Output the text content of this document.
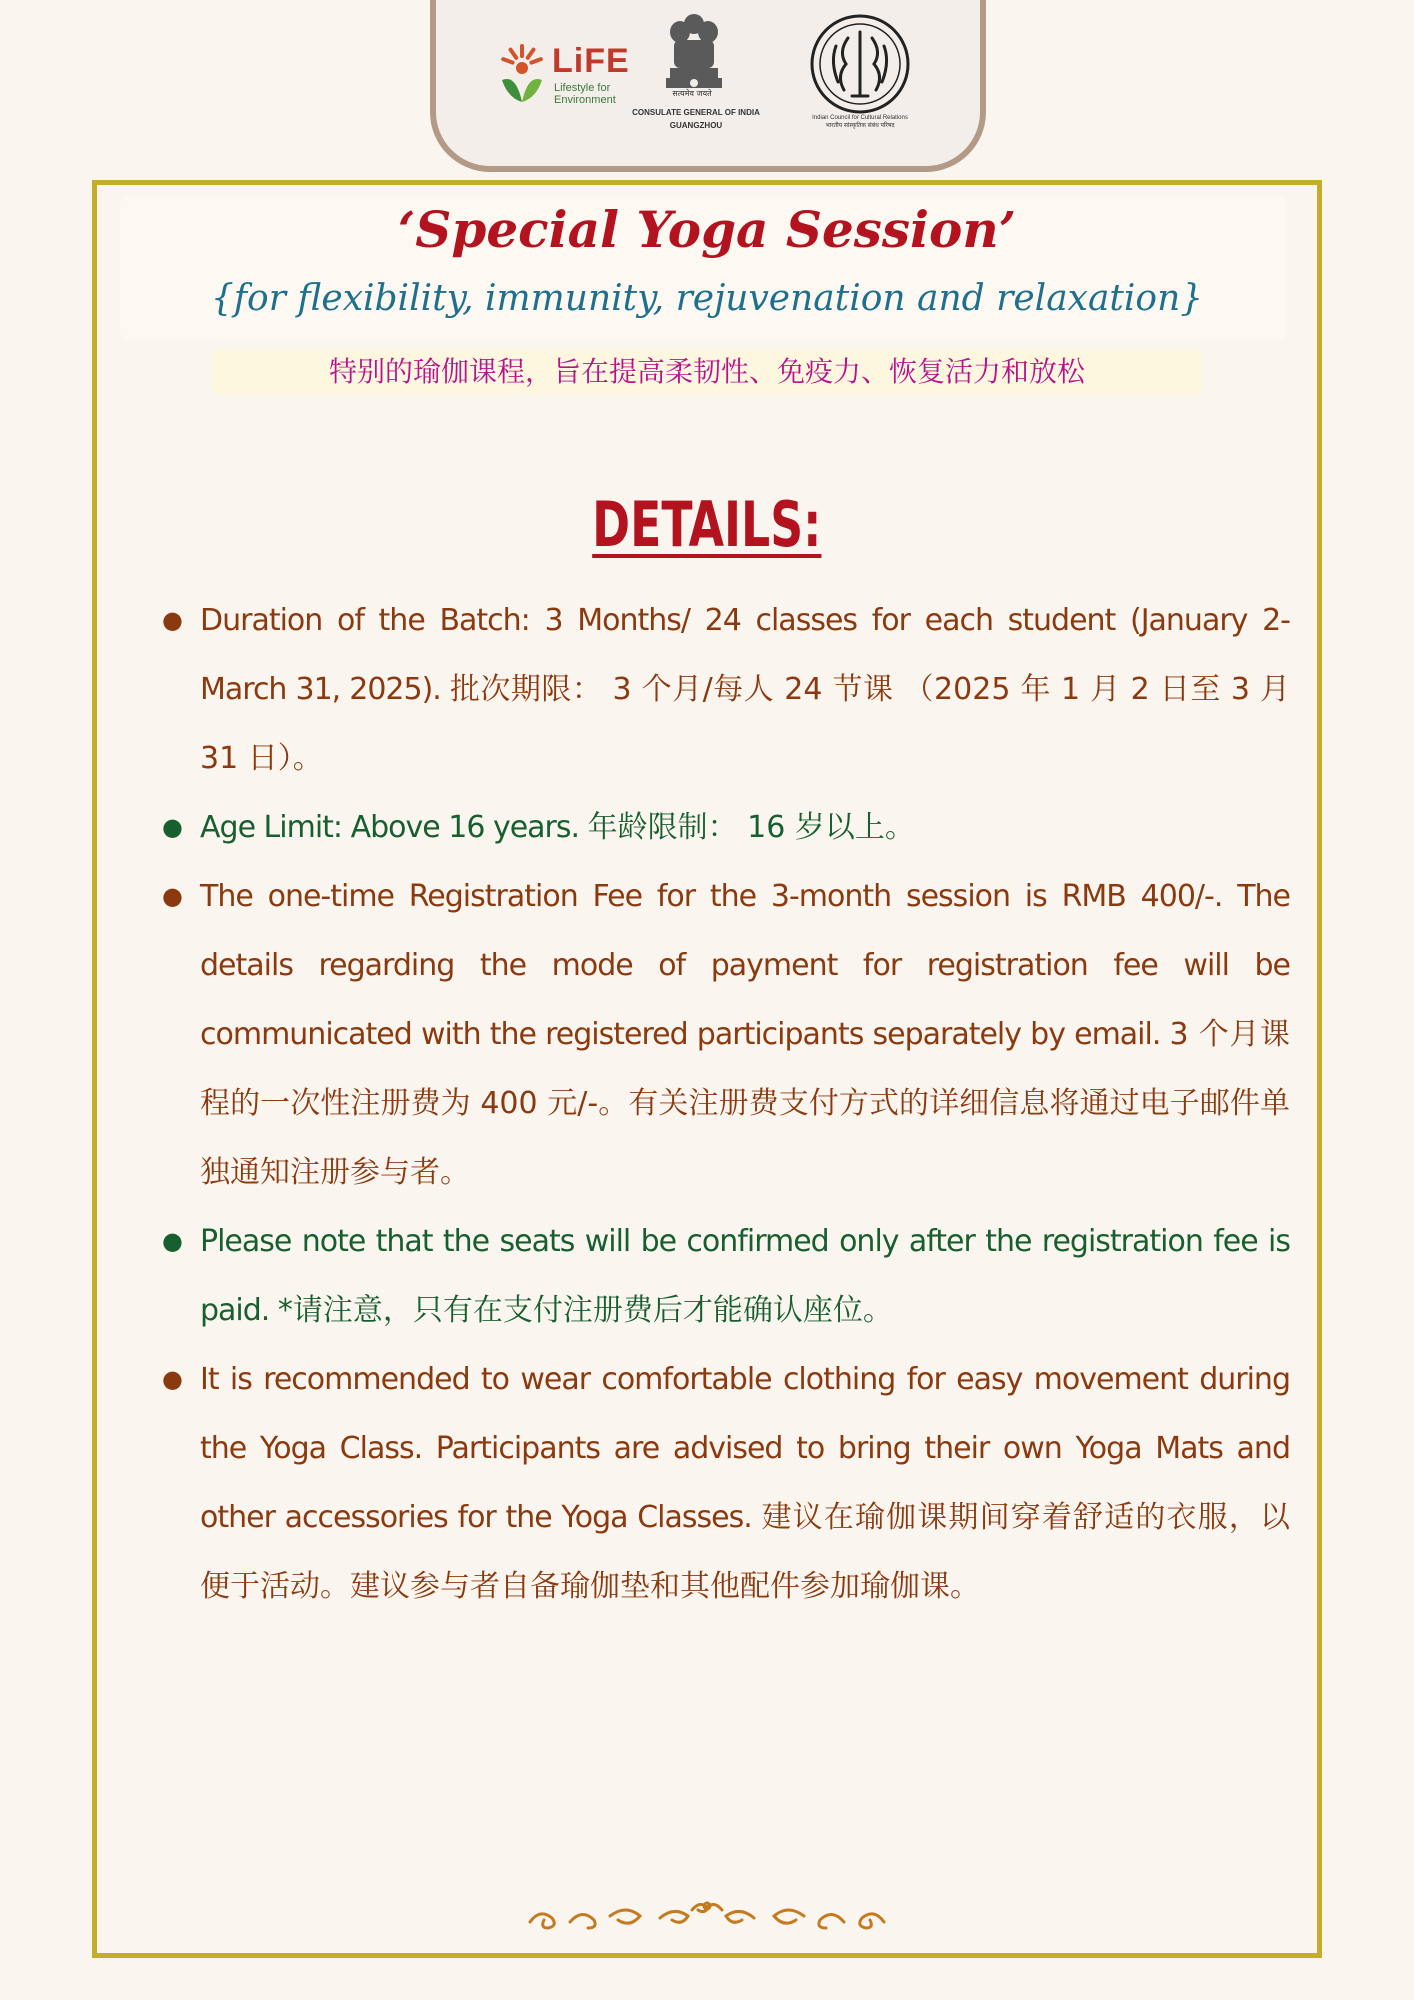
LiFE
Lifestyle for Environment
सत्यमेव जयते
CONSULATE GENERAL OF INDIA
GUANGZHOU
Indian Council for Cultural Relations
भारतीय सांस्कृतिक संबंध परिषद
‘Special Yoga Session’
{for flexibility, immunity, rejuvenation and relaxation}
特别的瑜伽课程，旨在提高柔韧性、免疫力、恢复活力和放松
DETAILS:
● Duration of the Batch: 3 Months/ 24 classes for each student (January 2-March 31, 2025). 批次期限： 3 个月/每人 24 节课 （2025 年 1 月 2 日至 3 月 31 日）。
● Age Limit: Above 16 years. 年龄限制： 16 岁以上。
● The one-time Registration Fee for the 3-month session is RMB 400/-. The details regarding the mode of payment for registration fee will be communicated with the registered participants separately by email. 3 个月课程的一次性注册费为 400 元/-。有关注册费支付方式的详细信息将通过电子邮件单独通知注册参与者。
● Please note that the seats will be confirmed only after the registration fee is paid. *请注意，只有在支付注册费后才能确认座位。
● It is recommended to wear comfortable clothing for easy movement during the Yoga Class. Participants are advised to bring their own Yoga Mats and other accessories for the Yoga Classes. 建议在瑜伽课期间穿着舒适的衣服，以便于活动。建议参与者自备瑜伽垫和其他配件参加瑜伽课。
